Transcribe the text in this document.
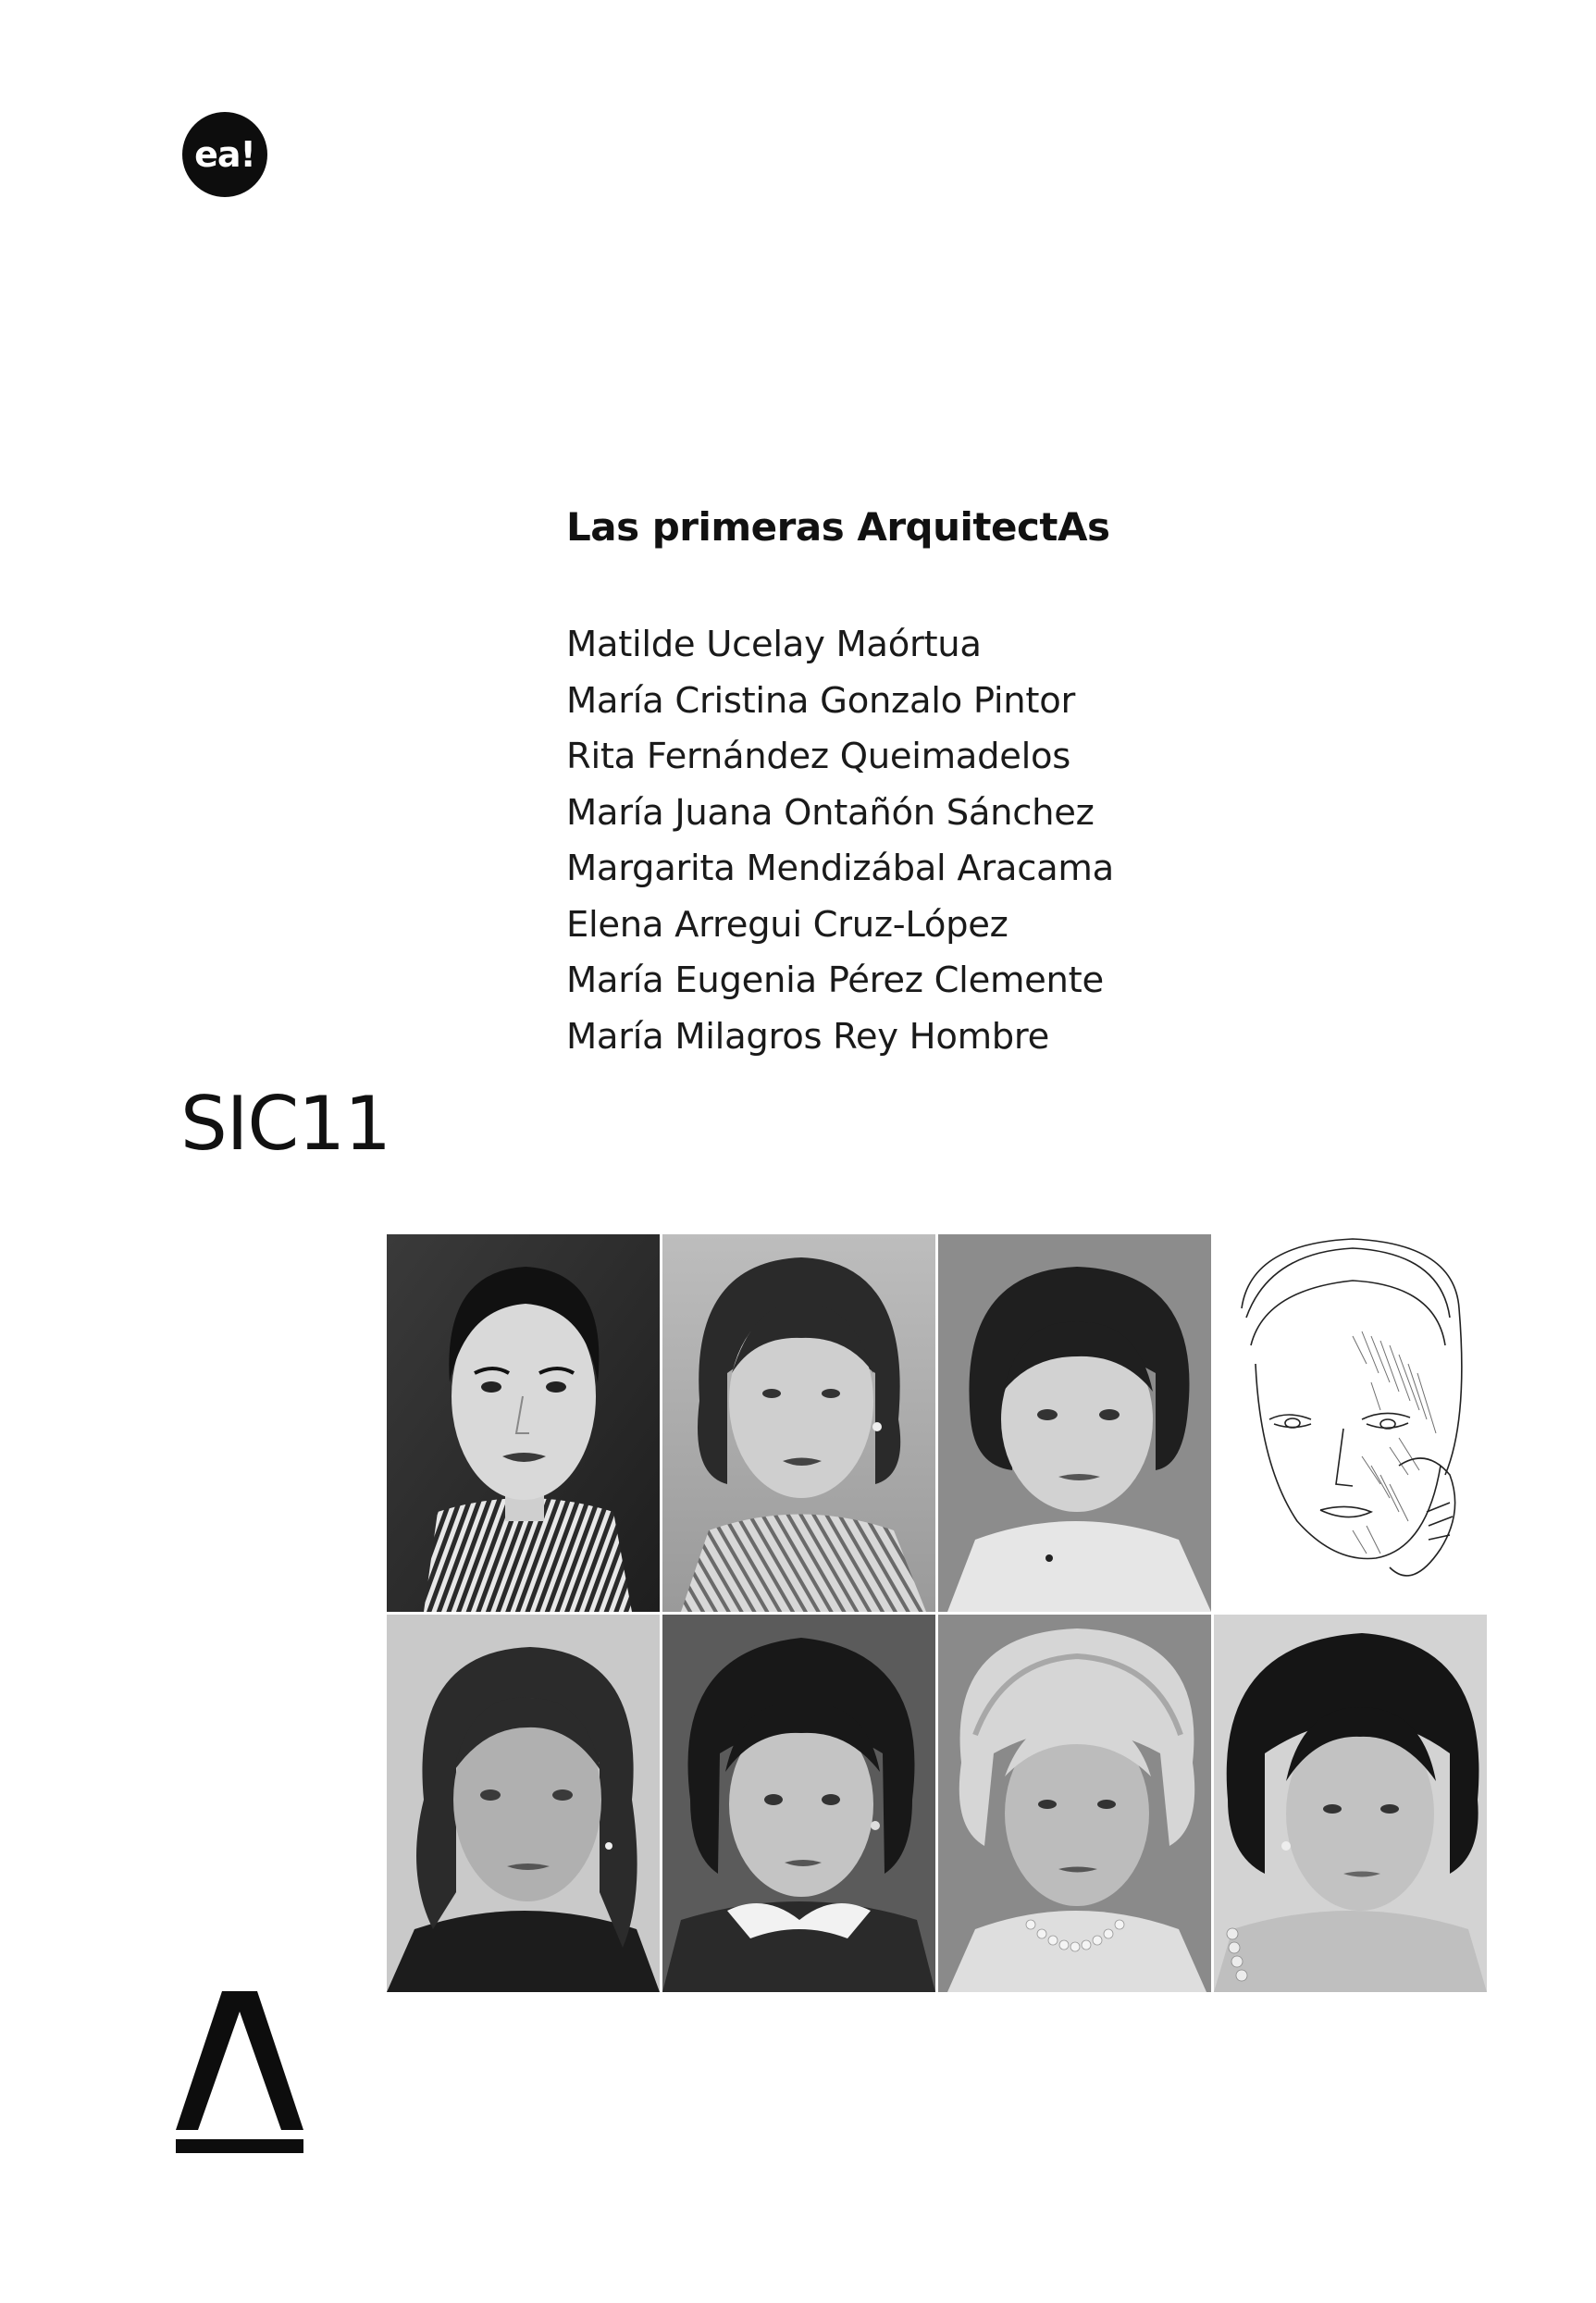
ea!
Las primeras ArquitectAs
Matilde Ucelay Maórtua
María Cristina Gonzalo Pintor
Rita Fernández Queimadelos
María Juana Ontañón Sánchez
Margarita Mendizábal Aracama
Elena Arregui Cruz-López
María Eugenia Pérez Clemente
María Milagros Rey Hombre
SIC11
